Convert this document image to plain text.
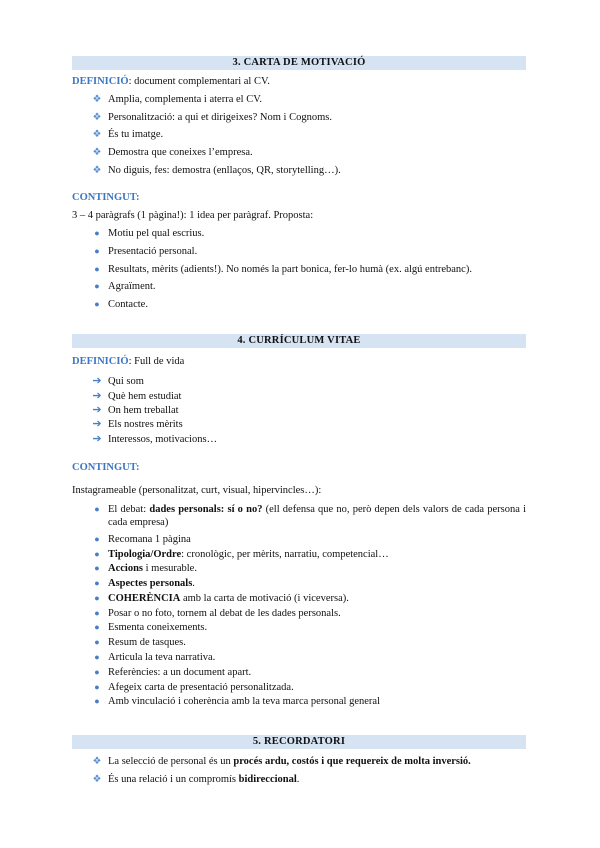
3. CARTA DE MOTIVACIÓ
DEFINICIÓ: document complementari al CV.
❖ Amplia, complementa i aterra el CV.
❖ Personalització: a qui et dirigeixes? Nom i Cognoms.
❖ És tu imatge.
❖ Demostra que coneixes l’empresa.
❖ No diguis, fes: demostra (enllaços, QR, storytelling…).
CONTINGUT:
3 – 4 paràgrafs (1 pàgina!): 1 idea per paràgraf. Proposta:
● Motiu pel qual escrius.
● Presentació personal.
● Resultats, mèrits (adients!). No només la part bonica, fer-lo humà (ex. algú entrebanc).
● Agraïment.
● Contacte.
4. CURRÍCULUM VITAE
DEFINICIÓ: Full de vida
➔ Qui som
➔ Què hem estudiat
➔ On hem treballat
➔ Els nostres mèrits
➔ Interessos, motivacions…
CONTINGUT:
Instagrameable (personalitzat, curt, visual, hipervincles…):
● El debat: dades personals: sí o no? (ell defensa que no, però depen dels valors de cada persona i cada empresa)
● Recomana 1 pàgina
● Tipologia/Ordre: cronològic, per mèrits, narratiu, competencial…
● Accions i mesurable.
● Aspectes personals.
● COHERÈNCIA amb la carta de motivació (i viceversa).
● Posar o no foto, tornem al debat de les dades personals.
● Esmenta coneixements.
● Resum de tasques.
● Articula la teva narrativa.
● Referències: a un document apart.
● Afegeix carta de presentació personalitzada.
● Amb vinculació i coherència amb la teva marca personal general
5. RECORDATORI
❖ La selecció de personal és un procés ardu, costós i que requereix de molta inversió.
❖ És una relació i un compromís bidireccional.
